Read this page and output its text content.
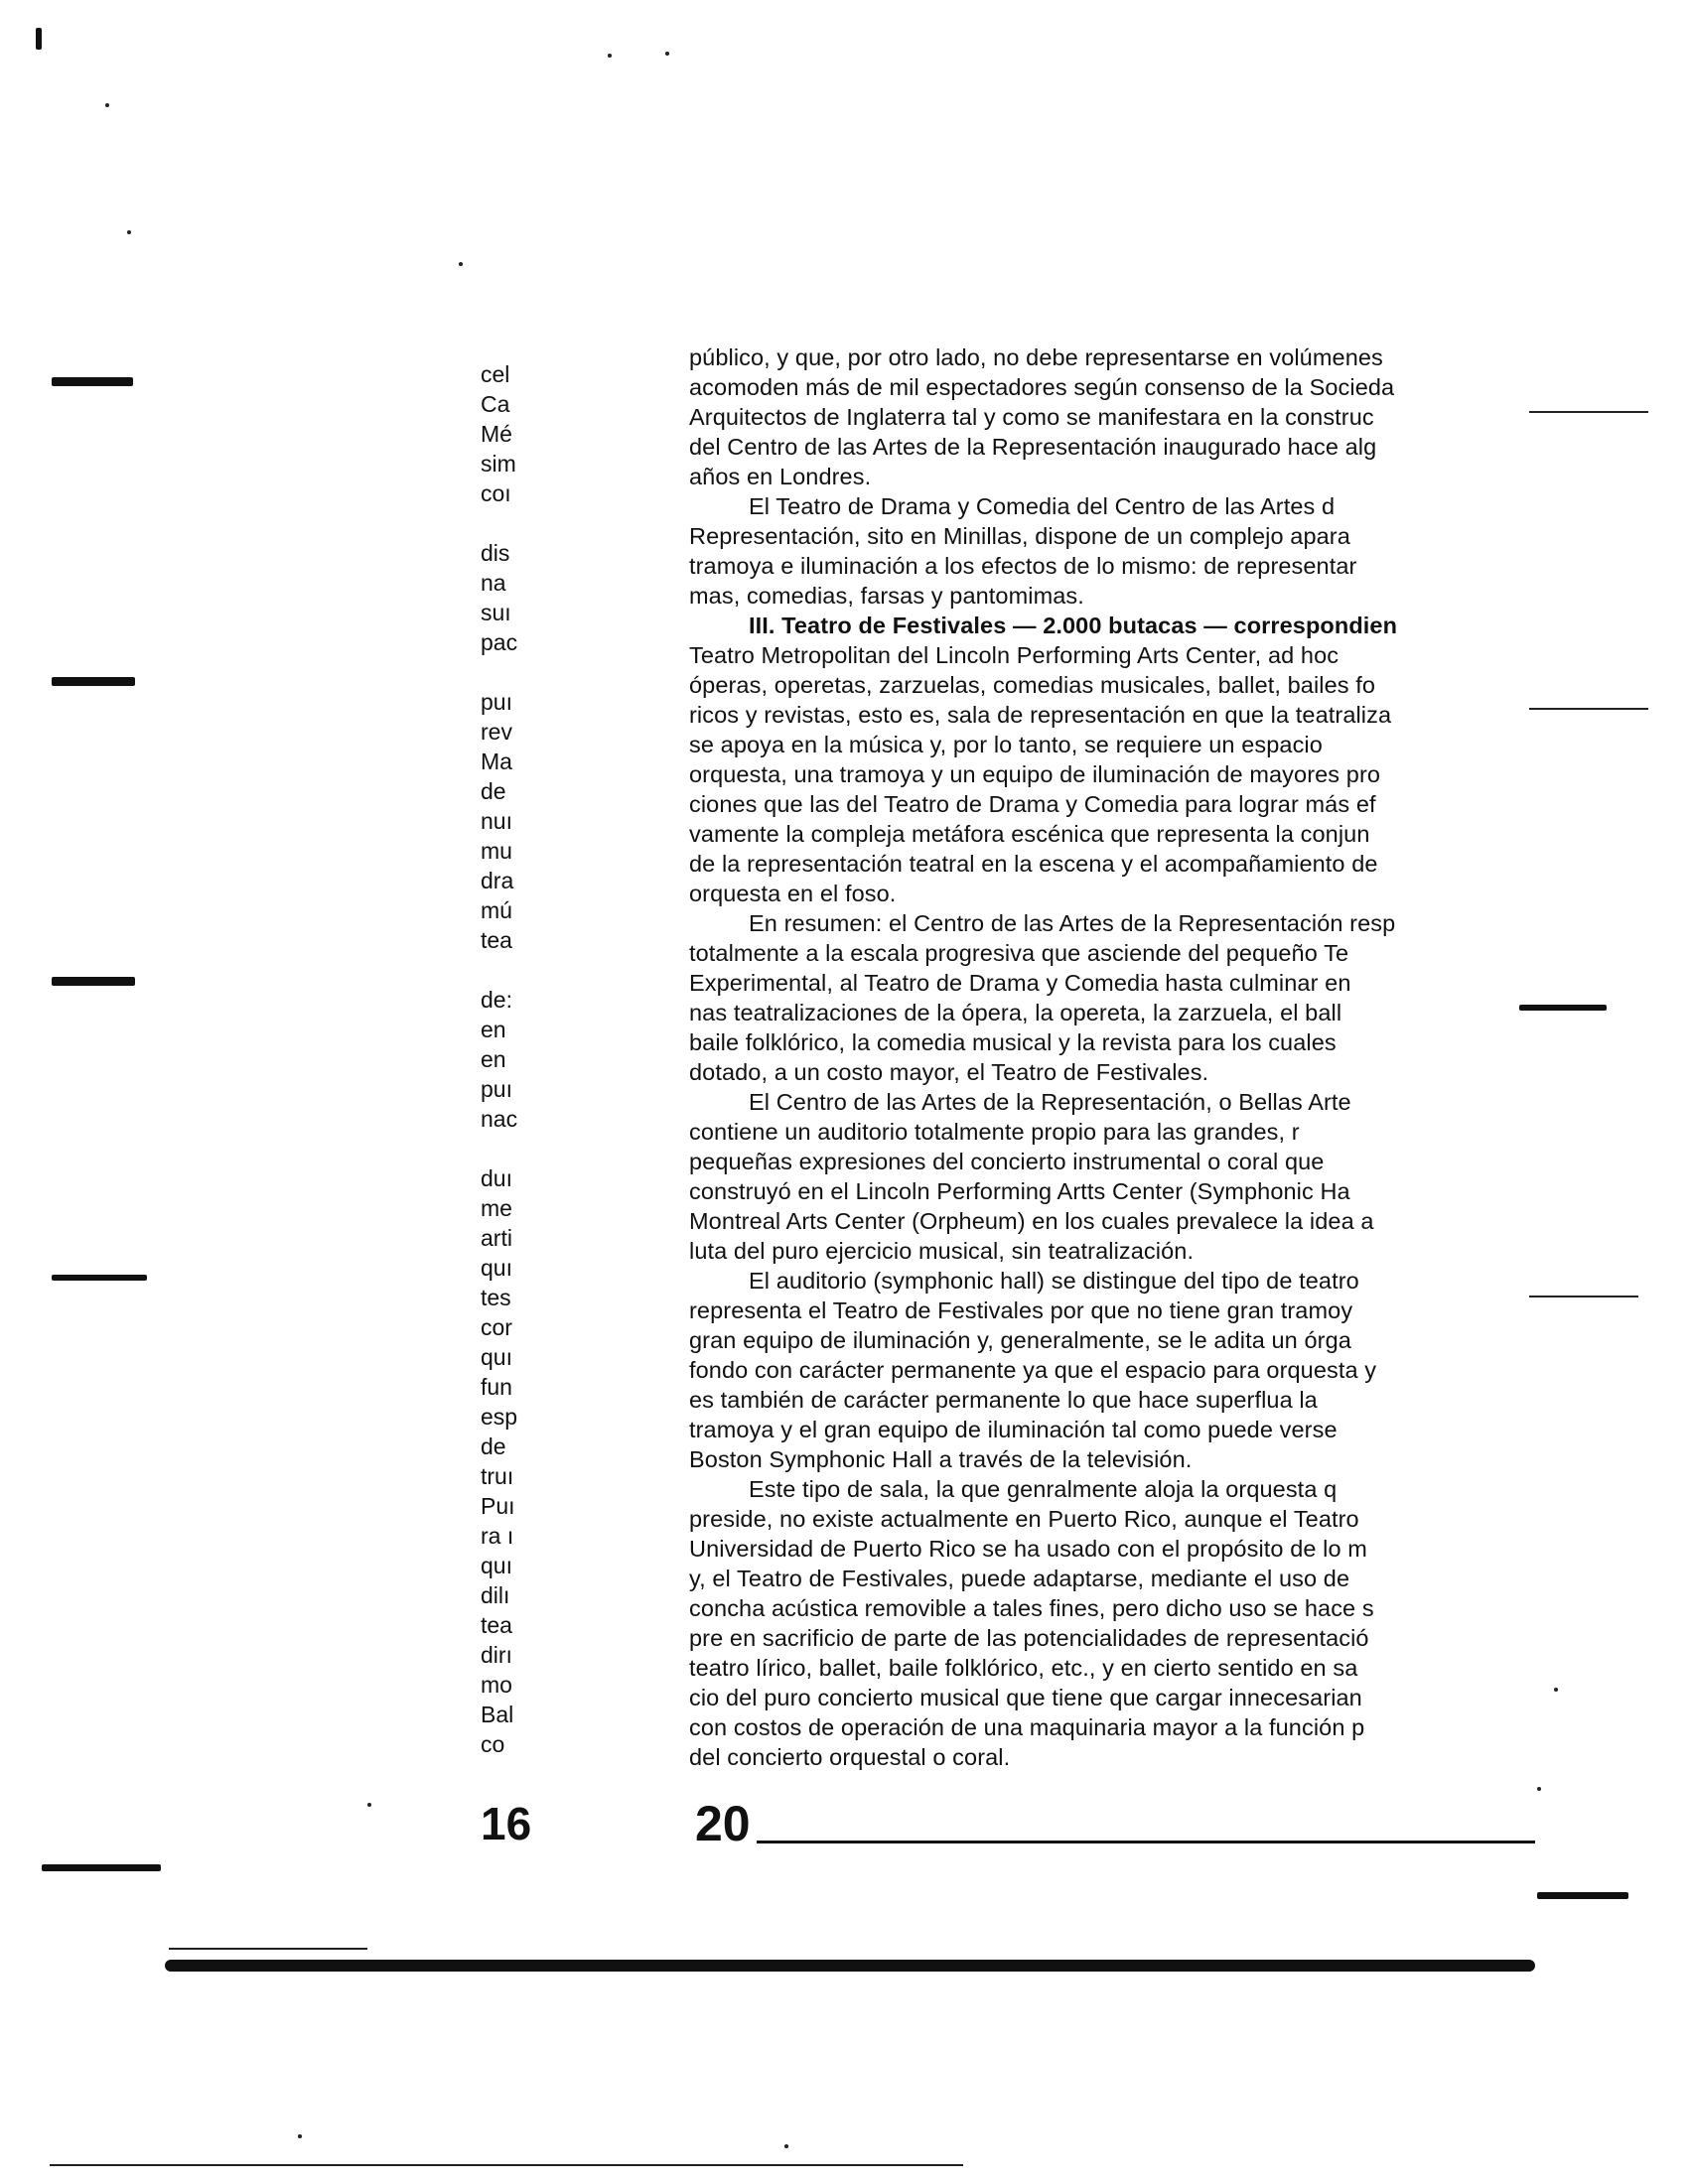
cel
Ca
Mé
sim
coı
dis
na
suı
pac
puı
rev
Ma
de
nuı
mu
dra
mú
tea
de:
en
en
puı
nac
duı
me
arti
quı
tes
cor
quı
fun
esp
de
truı
Puı
ra ı
quı
dilı
tea
dirı
mo
Bal
co
16
público, y que, por otro lado, no debe representarse en volúmenes
acomoden más de mil espectadores según consenso de la Socieda
Arquitectos de Inglaterra tal y como se manifestara en la construc
del Centro de las Artes de la Representación inaugurado hace alg
años en Londres.
El Teatro de Drama y Comedia del Centro de las Artes d
Representación, sito en Minillas, dispone de un complejo apara
tramoya e iluminación a los efectos de lo mismo: de representar
mas, comedias, farsas y pantomimas.
III. Teatro de Festivales — 2.000 butacas — correspondien
Teatro Metropolitan del Lincoln Performing Arts Center, ad hoc
óperas, operetas, zarzuelas, comedias musicales, ballet, bailes fo
ricos y revistas, esto es, sala de representación en que la teatraliza
se apoya en la música y, por lo tanto, se requiere un espacio
orquesta, una tramoya y un equipo de iluminación de mayores pro
ciones que las del Teatro de Drama y Comedia para lograr más ef
vamente la compleja metáfora escénica que representa la conjun
de la representación teatral en la escena y el acompañamiento de
orquesta en el foso.
En resumen: el Centro de las Artes de la Representación resp
totalmente a la escala progresiva que asciende del pequeño Te
Experimental, al Teatro de Drama y Comedia hasta culminar en
nas teatralizaciones de la ópera, la opereta, la zarzuela, el ball
baile folklórico, la comedia musical y la revista para los cuales
dotado, a un costo mayor, el Teatro de Festivales.
El Centro de las Artes de la Representación, o Bellas Arte
contiene un auditorio totalmente propio para las grandes, r
pequeñas expresiones del concierto instrumental o coral que
construyó en el Lincoln Performing Artts Center (Symphonic Ha
Montreal Arts Center (Orpheum) en los cuales prevalece la idea a
luta del puro ejercicio musical, sin teatralización.
El auditorio (symphonic hall) se distingue del tipo de teatro
representa el Teatro de Festivales por que no tiene gran tramoy
gran equipo de iluminación y, generalmente, se le adita un órga
fondo con carácter permanente ya que el espacio para orquesta y
es también de carácter permanente lo que hace superflua la
tramoya y el gran equipo de iluminación tal como puede verse
Boston Symphonic Hall a través de la televisión.
Este tipo de sala, la que genralmente aloja la orquesta q
preside, no existe actualmente en Puerto Rico, aunque el Teatro
Universidad de Puerto Rico se ha usado con el propósito de lo m
y, el Teatro de Festivales, puede adaptarse, mediante el uso de
concha acústica removible a tales fines, pero dicho uso se hace s
pre en sacrificio de parte de las potencialidades de representació
teatro lírico, ballet, baile folklórico, etc., y en cierto sentido en sa
cio del puro concierto musical que tiene que cargar innecesarian
con costos de operación de una maquinaria mayor a la función p
del concierto orquestal o coral.
20
